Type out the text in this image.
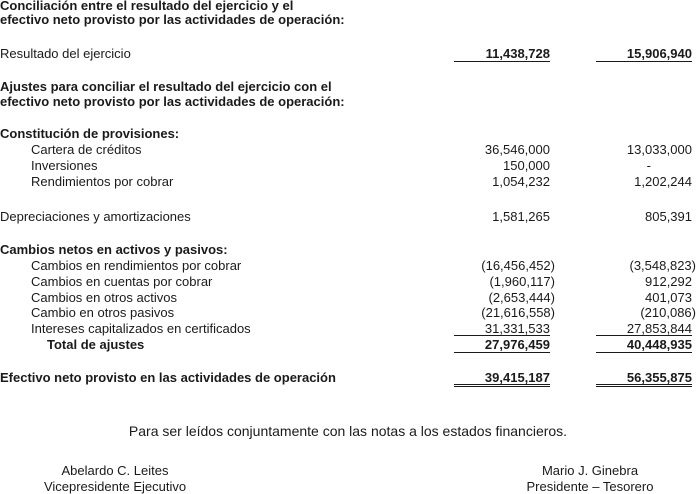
Conciliación entre el resultado del ejercicio y el
efectivo neto provisto por las actividades de operación:
Resultado del ejercicio	11,438,728	15,906,940
Ajustes para conciliar el resultado del ejercicio con el
efectivo neto provisto por las actividades de operación:
Constitución de provisiones:
Cartera de créditos	36,546,000	13,033,000
Inversiones	150,000	-
Rendimientos por cobrar	1,054,232	1,202,244
Depreciaciones y amortizaciones	1,581,265	805,391
Cambios netos en activos y pasivos:
Cambios en rendimientos por cobrar	(16,456,452)	(3,548,823)
Cambios en cuentas por cobrar	(1,960,117)	912,292
Cambios en otros activos	(2,653,444)	401,073
Cambio en otros pasivos	(21,616,558)	(210,086)
Intereses capitalizados en certificados	31,331,533	27,853,844
Total de ajustes	27,976,459	40,448,935
Efectivo neto provisto en las actividades de operación	39,415,187	56,355,875
Para ser leídos conjuntamente con las notas a los estados financieros.
Abelardo C. Leites
Vicepresidente Ejecutivo
Mario J. Ginebra
Presidente – Tesorero
